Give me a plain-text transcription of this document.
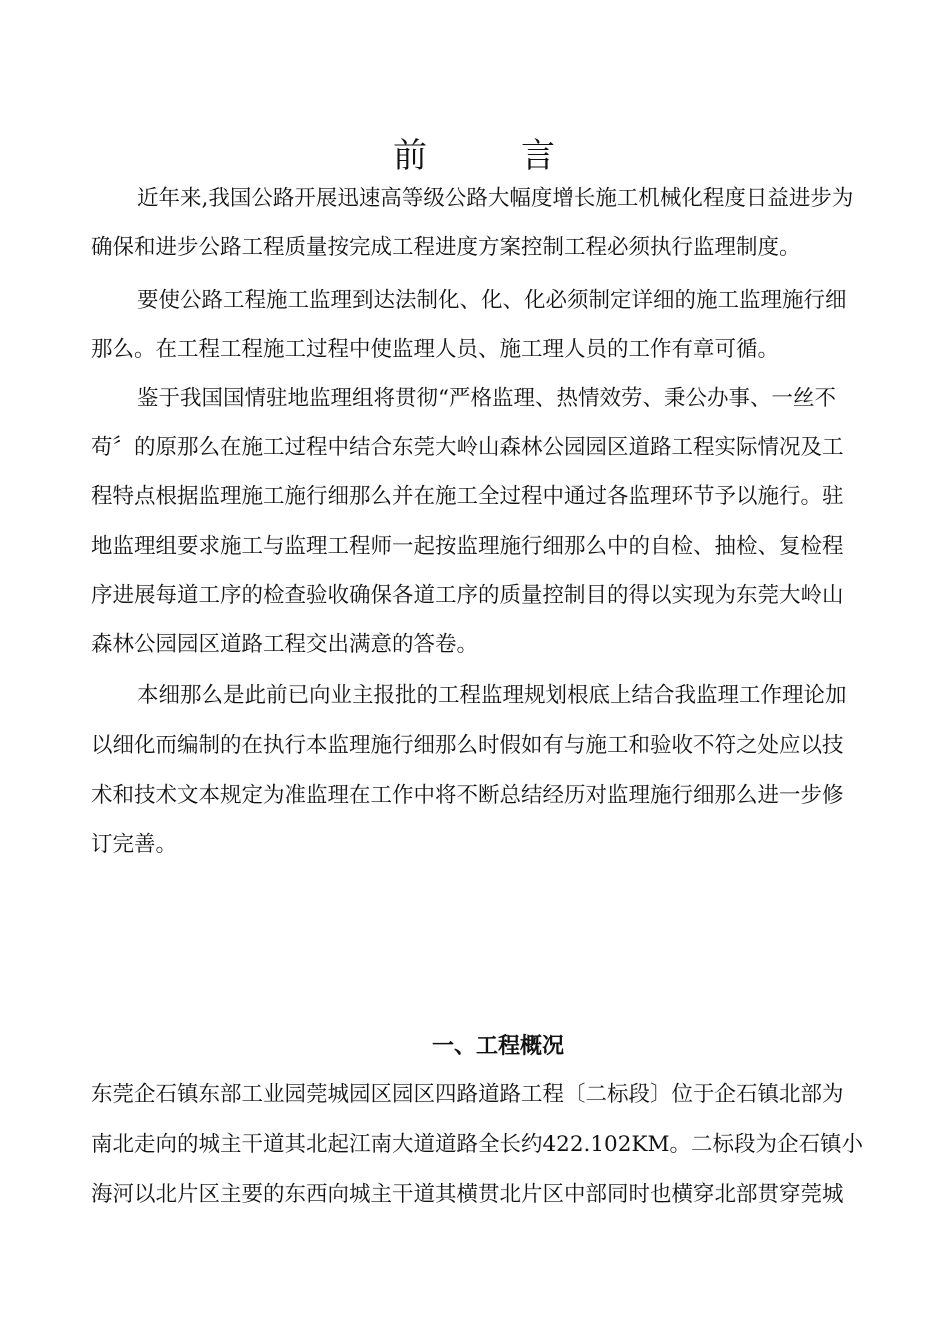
前　言
近年来,我国公路开展迅速高等级公路大幅度增长施工机械化程度日益进步为
确保和进步公路工程质量按完成工程进度方案控制工程必须执行监理制度。
要使公路工程施工监理到达法制化、化、化必须制定详细的施工监理施行细
那么。在工程工程施工过程中使监理人员、施工理人员的工作有章可循。
鉴于我国国情驻地监理组将贯彻“严格监理、热情效劳、秉公办事、一丝不
苟〞的原那么在施工过程中结合东莞大岭山森林公园园区道路工程实际情况及工
程特点根据监理施工施行细那么并在施工全过程中通过各监理环节予以施行。驻
地监理组要求施工与监理工程师一起按监理施行细那么中的自检、抽检、复检程
序进展每道工序的检查验收确保各道工序的质量控制目的得以实现为东莞大岭山
森林公园园区道路工程交出满意的答卷。
本细那么是此前已向业主报批的工程监理规划根底上结合我监理工作理论加
以细化而编制的在执行本监理施行细那么时假如有与施工和验收不符之处应以技
术和技术文本规定为准监理在工作中将不断总结经历对监理施行细那么进一步修
订完善。
一、工程概况
东莞企石镇东部工业园莞城园区园区四路道路工程〔二标段〕位于企石镇北部为
南北走向的城主干道其北起江南大道道路全长约422.102KM。二标段为企石镇小
海河以北片区主要的东西向城主干道其横贯北片区中部同时也横穿北部贯穿莞城
